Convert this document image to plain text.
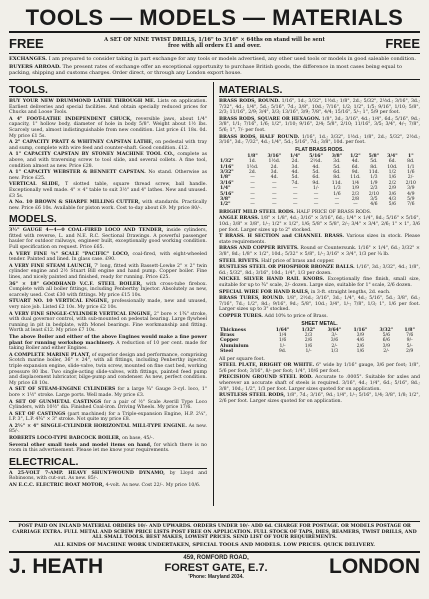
TOOLS — MODELS — MATERIALS
FREE	A SET OF NINE TWIST DRILLS, 1/16" to 3/16" × 64ths on stand will be sent
free with all orders £1 and over.	FREE
EXCHANGES. I am prepared to consider taking in part exchange for any tools or models advertised, any other used tools or models in good saleable condition.
BUYERS ABROAD. The present rates of exchange offer an exceptional opportunity to purchase British goods, the difference in most cases being equal to packing, shipping and customs charges. Order direct, or through any London export house.
TOOLS.
BUY YOUR NEW DRUMMOND LATHE THROUGH ME. Lists on application. Earliest deliveries and special facilities. And obtain specially reduced prices for Chucks and Loose Tools.
A 4" FOOT-LATHE INDEPENDENT CHUCK, reversible jaws, about 1/4" capacity, 1" hollow body, diameter of hole in body 5/8". Weight about 1½ lbs. Scarcely used, almost indistinguishable from new condition. List price £1 18s. 0d. My price £1 5s.
A 2" CAPACITY PRATT & WHITNEY CAPSTAN LATHE, on pedestal with tray and sump, complete with wire feed and counter-shaft. Good condition. £12.
A 1" CAPACITY CAPSTAN BY STONEY MACHINE TOOL CO., complete as above, and with traversing screw to tool slide, and several collets. A fine tool, condition almost as new. Price £28.
A 1" CAPACITY WEBSTER & BENNETT CAPSTAN. No stand. Otherwise as new. Price £25.
VERTICAL SLIDE, T slotted table, square thread screw, ball handle. Exceptionally well made. 4" × 4" table to suit 3½" and 4" lathes. New and unused. £3 5s.
A No. 10 BROWN & SHARPE MILLING CUTTER, with standards. Practically new. Price £6 10s. Available for piston work. Cost to-day about £9. My price 80/-.
MODELS.
3½" GAUGE 4—4—0 COAL-FIRED LOCO AND TENDER, inside cylinders, fitted with reverse, L. and N.E. R.C. Sectional Drawings. A powerful passenger hauler for outdoor railways, engineer built, exceptionally good working condition. Full specification on request. Price £65.
A VERY FINE ¾" SCALE "PACIFIC" LOCO, coal-fired, with eight-wheeled tender. Painted and lined. In glass case. £90.
A VERY FINE STEAM LAUNCH, 7' long, fitted with Bassett-Lowke 2" × 2" twin cylinder engine and 2½ Stuart Bill engine and hand pump. Copper boiler. Fine lines, and nicely painted and finished, ready for running. Price £25.
36" × 18" GOODHAND V.C.F. STEEL BOILER, with cross-tube firebox. Complete with all boiler fittings, including Penberthy Injector. Absolutely as new, scarcely used. Cost £30 with fittings. My price £15 10s.
STUART NO. 10 VERTICAL ENGINE, professionally made, new and unused, very nice job. Listed £2 10s. My price £2 10s.
A VERY FINE SINGLE-CYLINDER VERTICAL ENGINE, 2" bore × 1¾" stroke, with dual governor control, with sub-mounted on pedestal bearing. Large flywheel running in pit in bedplate, with Monel bearings. Fine workmanship and fitting. Worth at least £12. My price £7 10s.
The above Boiler and either of the above Engines would make a fine power plant for running workshop machinery. A reduction of 10 per cent. made for taking Boiler and either Engines.
A COMPLETE MARINE PLANT, of superior design and performance, comprising Scotch marine boiler, 36" × 24", with all fittings, including Penberthy injector, triple expansion engine, slide-valve, twin screw, mounted on fine cast bed, working pressure 80 lbs. Two single-acting slide-valves, with fittings, painted feed pump and displacement lubricator, bilge-pump and condenser. As new, perfect condition. My price £8 10s.
A SET OF STEAM-ENGINE CYLINDERS for a large ¾" Gauge 3-cyl. loco, 1" bore × 1½" stroke. Large ports. Well made. My price £3.
A SET OF GUNMETAL CASTINGS for a pair of ½" Scale Averill Type Loco Cylinders, with 10½" dia. Finished Coal-iron. Driving Wheels. My price 17/6.
A SET OF CASTINGS (part machined) for a Triple-expansion Engine, H.P. 2¼", I.P. 3", L.P. 4¾" × 3" stroke. Not quite my price £8.
A 2½" × 4" SINGLE-CYLINDER HORIZONTAL MILL-TYPE ENGINE. As new. 85/-.
ROBERTS LOCO-TYPE BABCOCK BOILER, on base, 45/-.
Several other small tools and model items on hand, for which there is no room in this advertisement. Please let me know your requirements.
ELECTRICAL.
A 25-VOLT 7-AMP. HEAVY SHUNT-WOUND DYNAMO, by Lloyd and Robinsons, with cut-out. As new. 85/-.
AN E.C.C. ELECTRIC BOAT MOTOR, 4-volt. As new. Cost 22/-. My price 10/6.
MATERIALS.
BRASS RODS, ROUND. 1/16", 1d.; 3/32", 1½d.; 1/8", 2d.; 5/32", 2½d.; 3/16", 3d.; 7/32", 4d.; 1/4", 5d.; 5/16", 7d.; 3/8", 10d.; 7/16", 1/2; 1/2", 1/5; 9/16", 1/10; 5/8", 2/3; 11/16", 2/9; 3/4", 3/3; 13/16", 3/9; 7/8", 4/4; 15/16", 5/-; 1", 5/9 per foot.
BRASS RODS, SQUARE OR HEXAGON. 1/8", 3d.; 3/16", 4d.; 1/4", 6d.; 5/16", 9d.; 3/8", 1/1; 7/16", 1/6; 1/2", 1/10; 9/16", 2/4; 5/8", 2/10; 11/16", 3/5; 3/4", 4/-; 7/8", 5/6; 1", 7/- per foot.
BRASS RODS, HALF ROUND. 1/16", 1d.; 3/32", 1½d.; 1/8", 2d.; 5/32", 2½d.; 3/16", 3d.; 7/32", 4d.; 1/4", 5d.; 5/16", 7d.; 3/8", 10d. per foot.
FLAT BRASS RODS.
	1/8"	3/16"	1/4"	5/16"	3/8"	1/2"	5/8"	3/4"	1"
1/32"	1d.	1½d.	2d.	2½d.	3d.	4d.	5d.	6d.	8d.
1/16"	1½d.	2d.	3d.	4d.	5d.	6d.	8d.	10d.	1/1
3/32"	2d.	3d.	4d.	5d.	6d.	9d.	11d.	1/2	1/6
1/8"	—	4d.	5d.	6d.	8d.	11d.	1/3	1/6	2/-
3/16"	—	—	7d.	9d.	11d.	1/4	1/9	2/2	2/10
1/4"	—	—	—	1/-	1/3	1/9	2/3	2/9	3/9
5/16"	—	—	—	—	1/6	2/3	2/10	3/6	4/9
3/8"	—	—	—	—	—	2/8	3/5	4/3	5/9
1/2"	—	—	—	—	—	—	4/6	5/6	7/6
BRIGHT MILD STEEL RODS. HALF PRICE OF BRASS RODS.
ANGLE BRASS. 1/8" × 1/8", 4d.; 3/16" × 3/16", 6d.; 1/4" × 1/4", 8d.; 5/16" × 5/16", 10d.; 3/8" × 3/8", 1/-; 1/2" × 1/2", 1/6; 5/8" × 5/8", 2/-; 3/4" × 3/4", 2/6; 1" × 1", 3/6 per foot. Larger sizes up to 2" stocked.
T BRASS. H SECTION and CHANNEL BRASS. Various sizes in stock. Please state requirements.
BRASS AND COPPER RIVETS. Round or Countersunk. 1/16" × 1/4", 6d.; 3/32" × 3/8", 8d.; 1/8" × 1/2", 10d.; 5/32" × 5/8", 1/-; 3/16" × 3/4", 1/3 per ¼ lb.
STEEL RIVETS. Half price of brass and copper.
RUSTLESS STEEL OR PHOSPHOR BRONZE BALLS. 1/16", 3d.; 3/32", 4d.; 1/8", 6d.; 5/32", 8d.; 3/16", 10d.; 1/4", 1/3 per dozen.
NICKEL SILVER HAND RAIL KNOBS. Exceptionally fine finish, small size, suitable for up to ¾" scale, 2/- dozen. Large size, suitable for 1" scale, 2/6 dozen.
SPECIAL WIRE FOR HAND RAILS, in 3-ft. straight lengths, 2d. each.
BRASS TUBES, ROUND. 1/8", 2½d.; 3/16", 3d.; 1/4", 4d.; 5/16", 5d.; 3/8", 6d.; 7/16", 7d.; 1/2", 8d.; 9/16", 9d.; 5/8", 10d.; 3/4", 1/-; 7/8", 1/3; 1", 1/6 per foot. Larger sizes up to 3" stocked.
COPPER TUBES. Add 10% to price of Brass.
SHEET METAL.
Thickness	1/64"	1/32"	3/64"	1/16"	3/32"	1/8"
Brass	1/4	2/3	3/-	3/9	5/6	7/6
Copper	1/6	2/6	3/6	4/6	6/6	9/-
Aluminium	1/-	1/6	2/-	2/6	3/9	5/-
Steel	9d.	1/-	1/3	1/6	2/-	2/9
All per square foot.
STEEL PLATE, BRIGHT OR WHITE. 6" wide by 1/16" gauge, 3/6 per foot; 1/8", 5/6 per foot; 3/16", 8/- per foot; 1/4", 10/6 per foot.
PRECISION GROUND STEEL ROD. Accurate to .0005". Suitable for axles and wherever an accurate shaft of steels is required. 3/16", 4d.; 1/4", 6d.; 5/16", 8d.; 3/8", 10d.; 1/2", 1/3 per foot. Larger sizes quoted for on application.
RUSTLESS STEEL RODS, 1/8", 7d.; 3/16", 9d.; 1/4", 1/-; 5/16", 1/4; 3/8", 1/8; 1/2", 2/6 per foot. Larger sizes quoted for on application.
POST PAID ON INLAND MATERIAL ORDERS 10/- AND UPWARDS. ORDERS UNDER 10/- ADD 6d. CHARGE FOR POSTAGE. OR MODELS POSTAGE OR CARRIAGE EXTRA. FULL METAL AND SCREW PRICE LISTS POST FREE ON APPLICATION. FULL STOCK OF TAPS, DIES, REAMERS, TWIST DRILLS, AND ALL SMALL TOOLS. BEST MAKES, LOWEST PRICES. SEND LIST OF YOUR REQUIREMENTS.
ALL KINDS OF MACHINE WORK UNDERTAKEN, SPECIAL TOOLS AND MODELS. LOW PRICES. QUICK DELIVERY.
J. HEATH	459, ROMFORD ROAD,
FOREST GATE, E.7.
'Phone: Maryland 2034.	LONDON
